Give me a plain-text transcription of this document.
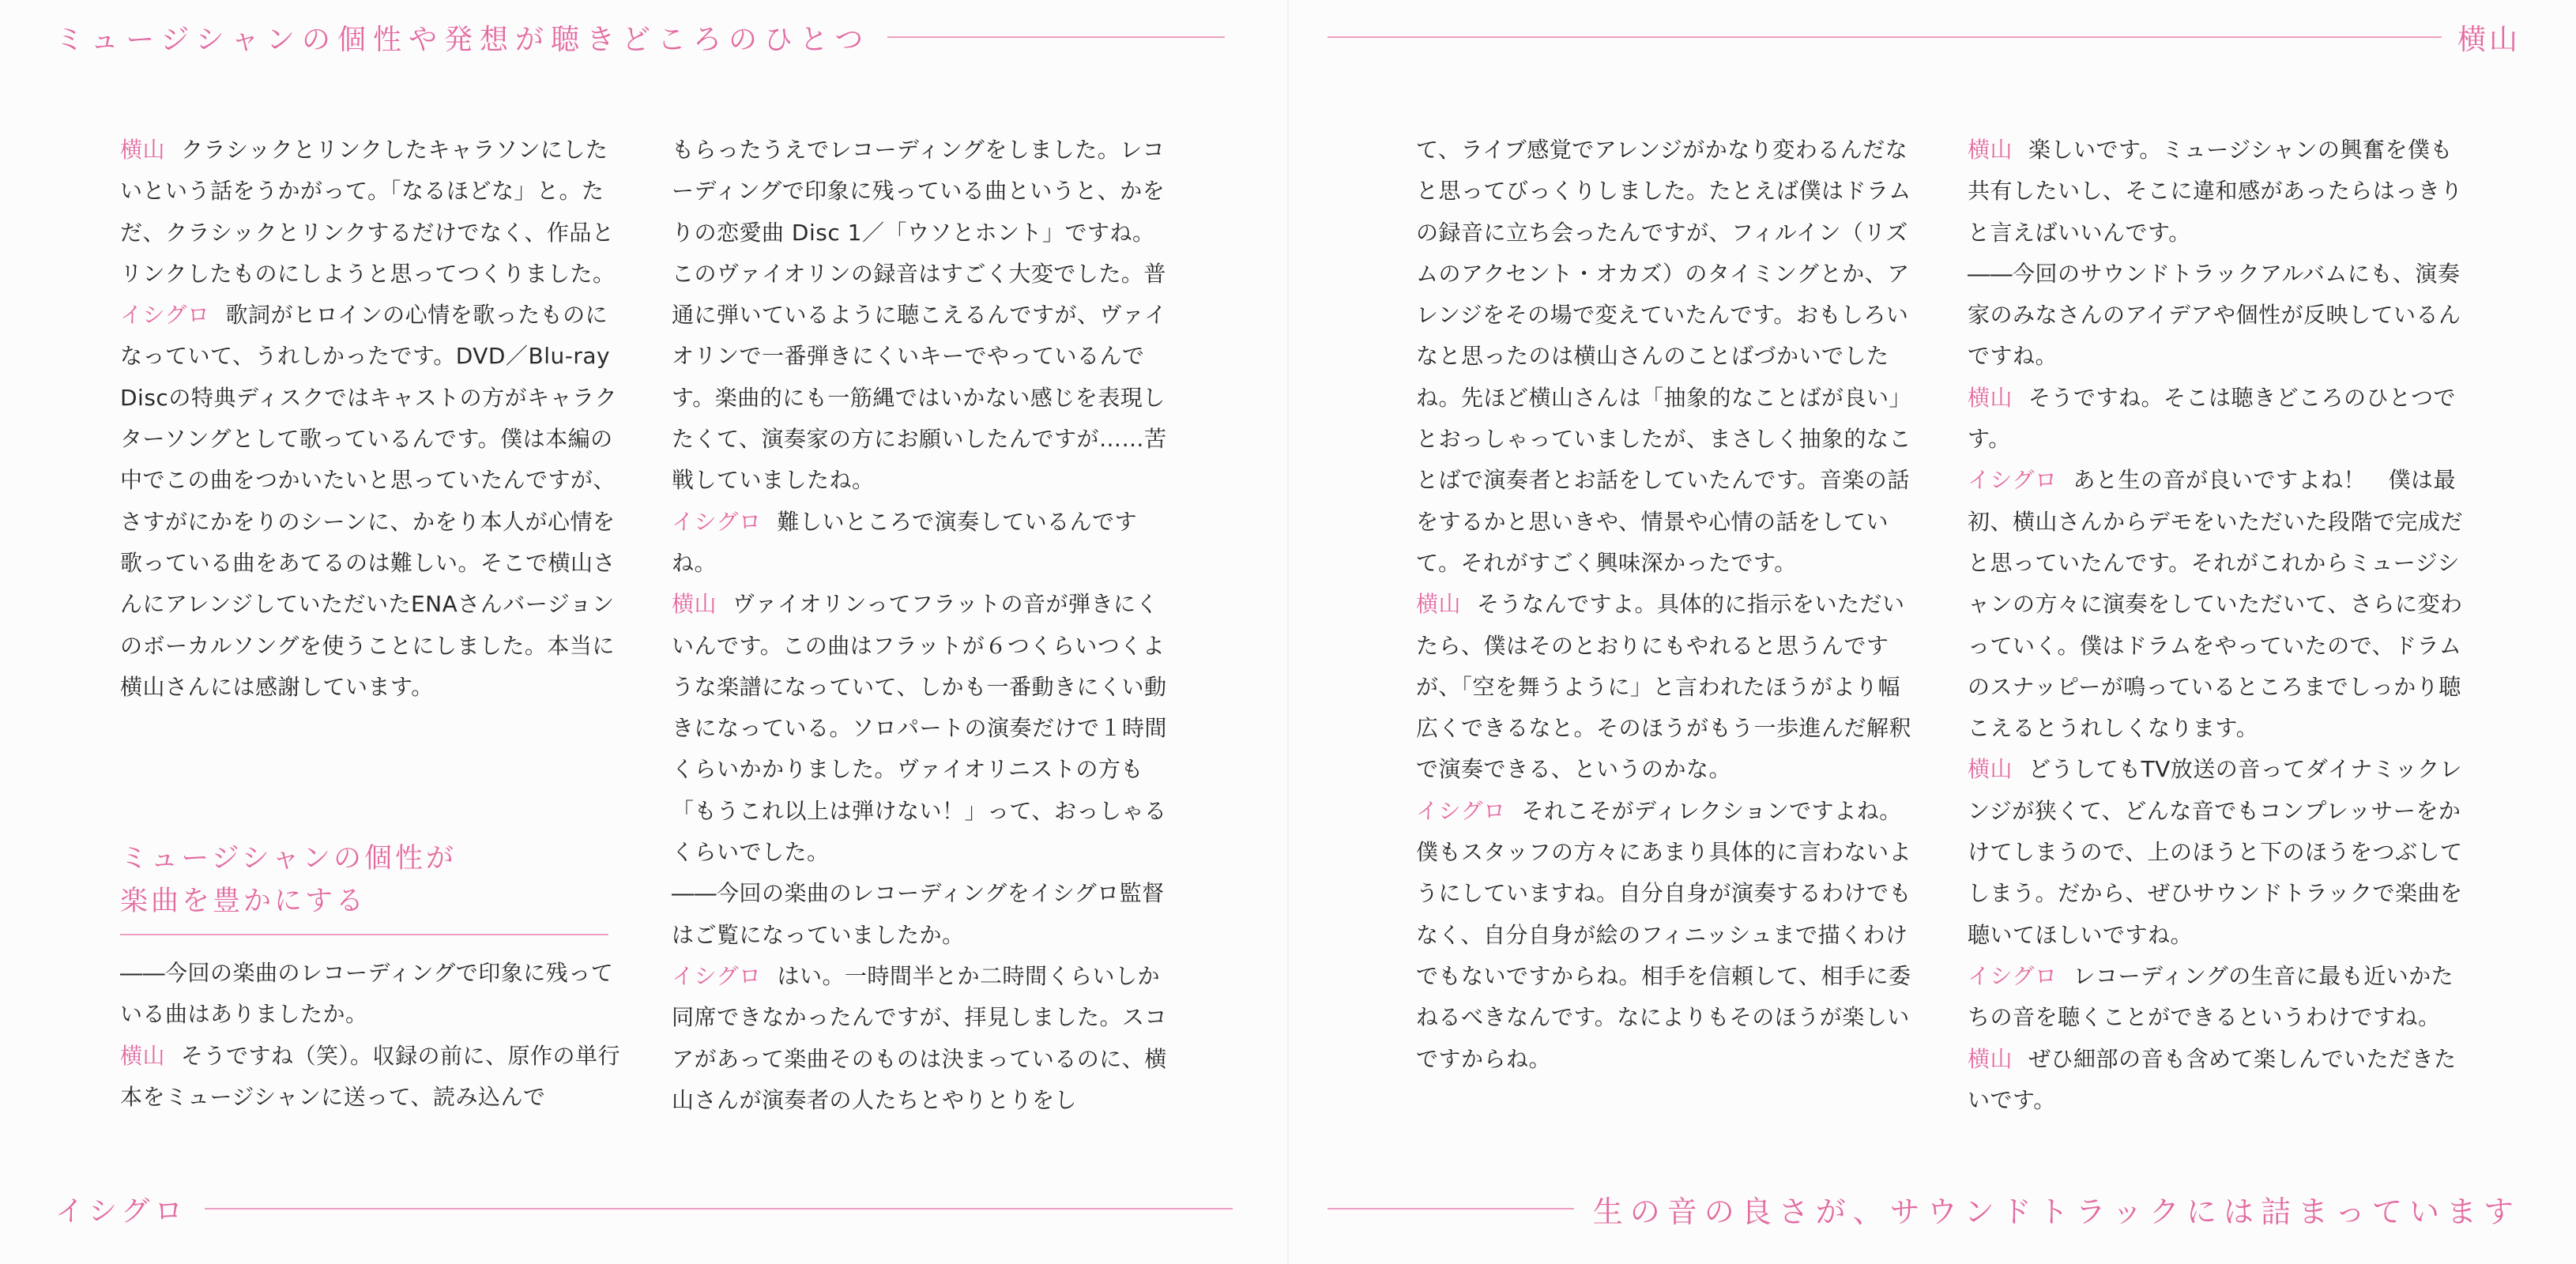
ミュージシャンの個性や発想が聴きどころのひとつ	横山

横山 クラシックとリンクしたキャラソンにしたいという話をうかがって。「なるほどな」と。ただ、クラシックとリンクするだけでなく、作品とリンクしたものにしようと思ってつくりました。

イシグロ 歌詞がヒロインの心情を歌ったものになっていて、うれしかったです。DVD／Blu-ray Discの特典ディスクではキャストの方がキャラクターソングとして歌っているんです。僕は本編の中でこの曲をつかいたいと思っていたんですが、さすがにかをりのシーンに、かをり本人が心情を歌っている曲をあてるのは難しい。そこで横山さんにアレンジしていただいたENAさんバージョンのボーカルソングを使うことにしました。本当に横山さんには感謝しています。

ミュージシャンの個性が
楽曲を豊かにする

――今回の楽曲のレコーディングで印象に残っている曲はありましたか。

横山 そうですね（笑）。収録の前に、原作の単行本をミュージシャンに送って、読み込んで

もらったうえでレコーディングをしました。レコーディングで印象に残っている曲というと、かをりの恋愛曲 Disc 1／「ウソとホント」ですね。このヴァイオリンの録音はすごく大変でした。普通に弾いているように聴こえるんですが、ヴァイオリンで一番弾きにくいキーでやっているんです。楽曲的にも一筋縄ではいかない感じを表現したくて、演奏家の方にお願いしたんですが……苦戦していましたね。

イシグロ 難しいところで演奏しているんですね。

横山 ヴァイオリンってフラットの音が弾きにくいんです。この曲はフラットが６つくらいつくような楽譜になっていて、しかも一番動きにくい動きになっている。ソロパートの演奏だけで１時間くらいかかりました。ヴァイオリニストの方も「もうこれ以上は弾けない！」って、おっしゃるくらいでした。

――今回の楽曲のレコーディングをイシグロ監督はご覧になっていましたか。

イシグロ はい。一時間半とか二時間くらいしか同席できなかったんですが、拝見しました。スコアがあって楽曲そのものは決まっているのに、横山さんが演奏者の人たちとやりとりをし

て、ライブ感覚でアレンジがかなり変わるんだなと思ってびっくりしました。たとえば僕はドラムの録音に立ち会ったんですが、フィルイン（リズムのアクセント・オカズ）のタイミングとか、アレンジをその場で変えていたんです。おもしろいなと思ったのは横山さんのことばづかいでしたね。先ほど横山さんは「抽象的なことばが良い」とおっしゃっていましたが、まさしく抽象的なことばで演奏者とお話をしていたんです。音楽の話をするかと思いきや、情景や心情の話をしていて。それがすごく興味深かったです。

横山 そうなんですよ。具体的に指示をいただいたら、僕はそのとおりにもやれると思うんですが、「空を舞うように」と言われたほうがより幅広くできるなと。そのほうがもう一歩進んだ解釈で演奏できる、というのかな。

イシグロ それこそがディレクションですよね。僕もスタッフの方々にあまり具体的に言わないようにしていますね。自分自身が演奏するわけでもなく、自分自身が絵のフィニッシュまで描くわけでもないですからね。相手を信頼して、相手に委ねるべきなんです。なによりもそのほうが楽しいですからね。

横山 楽しいです。ミュージシャンの興奮を僕も共有したいし、そこに違和感があったらはっきりと言えばいいんです。

――今回のサウンドトラックアルバムにも、演奏家のみなさんのアイデアや個性が反映しているんですね。

横山 そうですね。そこは聴きどころのひとつです。

イシグロ あと生の音が良いですよね！　僕は最初、横山さんからデモをいただいた段階で完成だと思っていたんです。それがこれからミュージシャンの方々に演奏をしていただいて、さらに変わっていく。僕はドラムをやっていたので、ドラムのスナッピーが鳴っているところまでしっかり聴こえるとうれしくなります。

横山 どうしてもTV放送の音ってダイナミックレンジが狭くて、どんな音でもコンプレッサーをかけてしまうので、上のほうと下のほうをつぶしてしまう。だから、ぜひサウンドトラックで楽曲を聴いてほしいですね。

イシグロ レコーディングの生音に最も近いかたちの音を聴くことができるというわけですね。

横山 ぜひ細部の音も含めて楽しんでいただきたいです。

イシグロ	生の音の良さが、サウンドトラックには詰まっています
